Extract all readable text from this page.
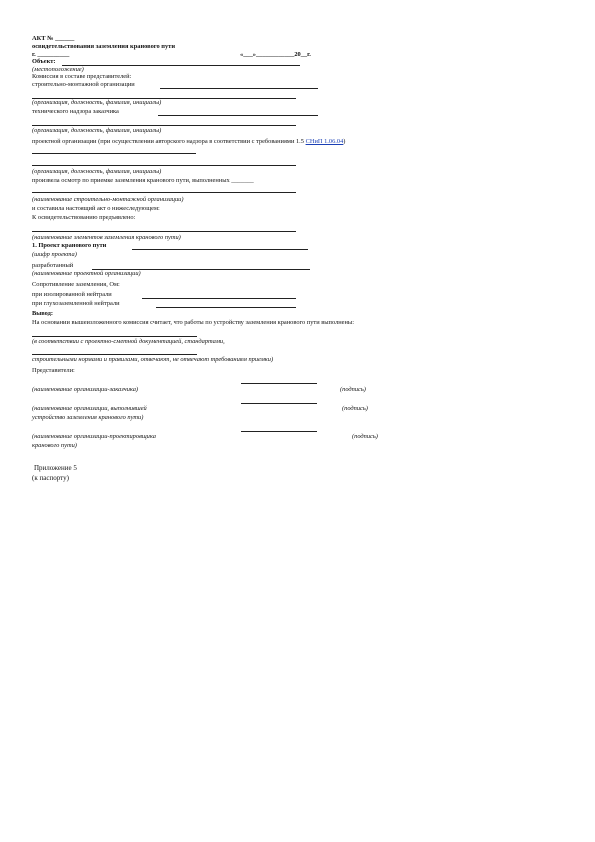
АКТ № ______
освидетельствования заземления кранового пути
г. __________	«___»____________20__г.
Объект:
(местоположение)
Комиссия в составе представителей:
строительно-монтажной организации
(организация, должность, фамилия, инициалы)
технического надзора заказчика
(организация, должность, фамилия, инициалы)
проектной организации (при осуществлении авторского надзора в соответствии с требованиями 1.5 СНиП 1.06.04)
(организация, должность, фамилия, инициалы)
произвела осмотр по приемке заземления кранового пути, выполненных _______
(наименование строительно-монтажной организации)
и составила настоящий акт о нижеследующем:
К освидетельствованию предъявлено:
(наименование элементов заземления кранового пути)
1. Проект кранового пути
(шифр проекта)
разработанный
(наименование проектной организации)
Сопротивление заземления, Ом:
при изолированной нейтрали
при глухозаземленной нейтрали
Вывод:
На основании вышеизложенного комиссия считает, что работы по устройству заземления кранового пути выполнены:
(в соответствии с проектно-сметной документацией, стандартами,
строительными нормами и правилами, отвечают, не отвечают требованиям приемки)
Представители:
(наименование организации-заказчика)	(подпись)
(наименование организации, выполнившей	(подпись)
устройство заземления кранового пути)
(наименование организации-проектировщика	(подпись)
кранового пути)
Приложение 5
(к паспорту)
